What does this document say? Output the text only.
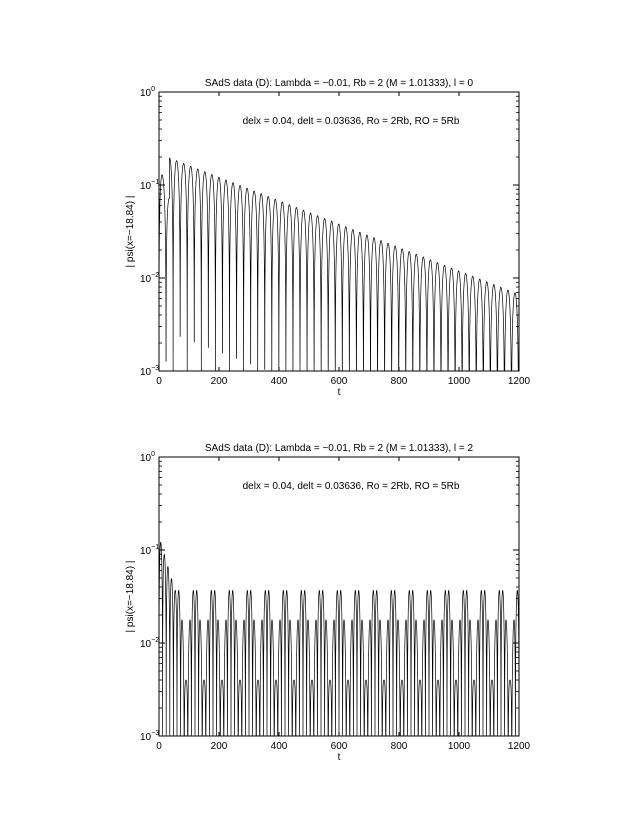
0	200	400	600	800	1000	1200
$10^0$
$10^{-1}$
$10^{-2}$
$10^{-3}$
SAdS data (D): Lambda = −0.01, Rb = 2 (M = 1.01333), l = 0
delx = 0.04, delt = 0.03636, Ro = 2Rb, RO = 5Rb
t
| psi(x=−18.84) |
0	200	400	600	800	1000	1200
$10^0$
$10^{-1}$
$10^{-2}$
$10^{-3}$
SAdS data (D): Lambda = −0.01, Rb = 2 (M = 1.01333), l = 2
delx = 0.04, delt = 0.03636, Ro = 2Rb, RO = 5Rb
t
| psi(x=−18.84) |
